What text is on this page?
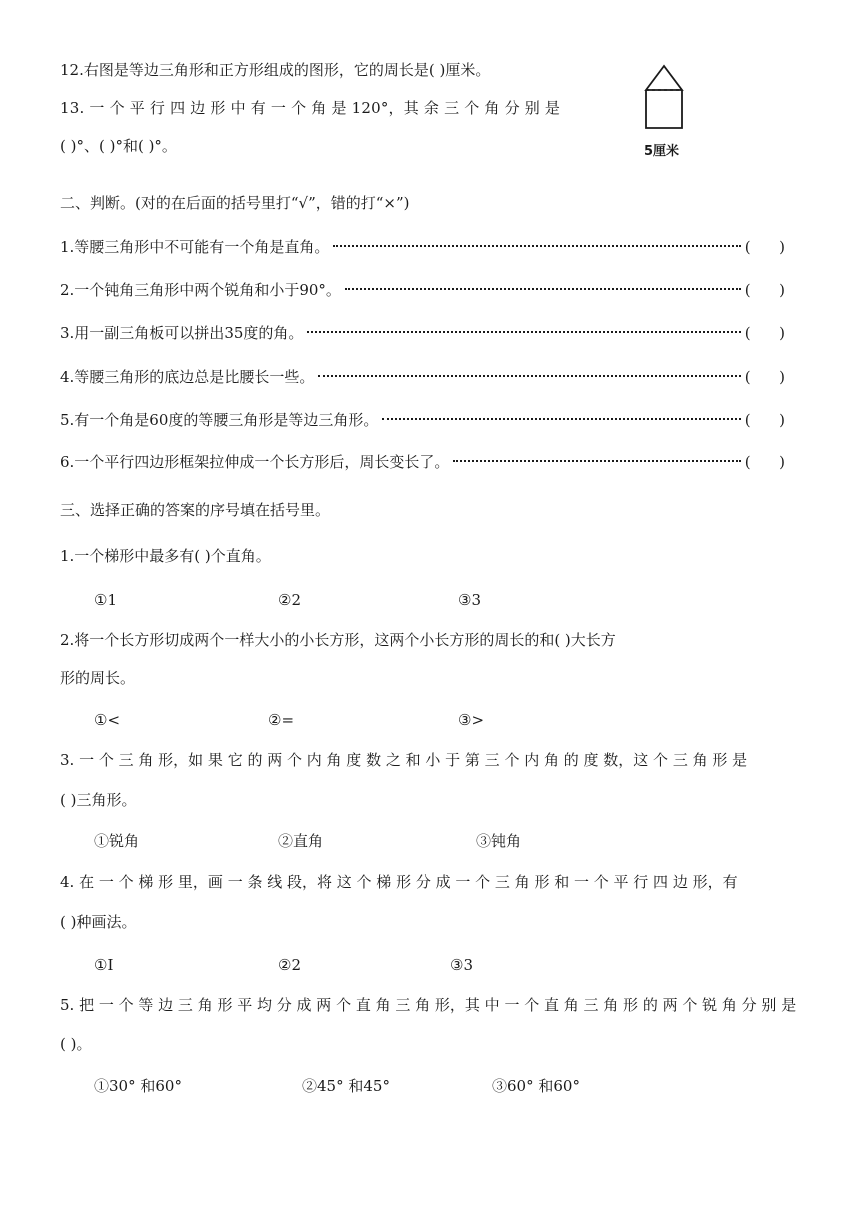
12.右图是等边三角形和正方形组成的图形，它的周长是( )厘米。
13. 一 个 平 行 四 边 形 中 有 一 个 角 是 120°，其 余 三 个 角 分 别 是
( )°、( )°和( )°。	5厘米
二、判断。(对的在后面的括号里打“√”，错的打“×”)
1.等腰三角形中不可能有一个角是直角。	(      )
2.一个钝角三角形中两个锐角和小于90°。	(      )
3.用一副三角板可以拼出35度的角。	(      )
4.等腰三角形的底边总是比腰长一些。	(      )
5.有一个角是60度的等腰三角形是等边三角形。	(      )
6.一个平行四边形框架拉伸成一个长方形后，周长变长了。	(      )
三、选择正确的答案的序号填在括号里。
1.一个梯形中最多有( )个直角。
①1	②2	③3
2.将一个长方形切成两个一样大小的小长方形，这两个小长方形的周长的和( )大长方
形的周长。
①<	②=	③>
3. 一 个 三 角 形，如 果 它 的 两 个 内 角 度 数 之 和 小 于 第 三 个 内 角 的 度 数，这 个 三 角 形 是
( )三角形。
①锐角	②直角	③钝角
4. 在 一 个 梯 形 里，画 一 条 线 段，将 这 个 梯 形 分 成 一 个 三 角 形 和 一 个 平 行 四 边 形，有
( )种画法。
①I	②2	③3
5. 把 一 个 等 边 三 角 形 平 均 分 成 两 个 直 角 三 角 形，其 中 一 个 直 角 三 角 形 的 两 个 锐 角 分 别 是
( )。
①30° 和60°	②45° 和45°	③60° 和60°
